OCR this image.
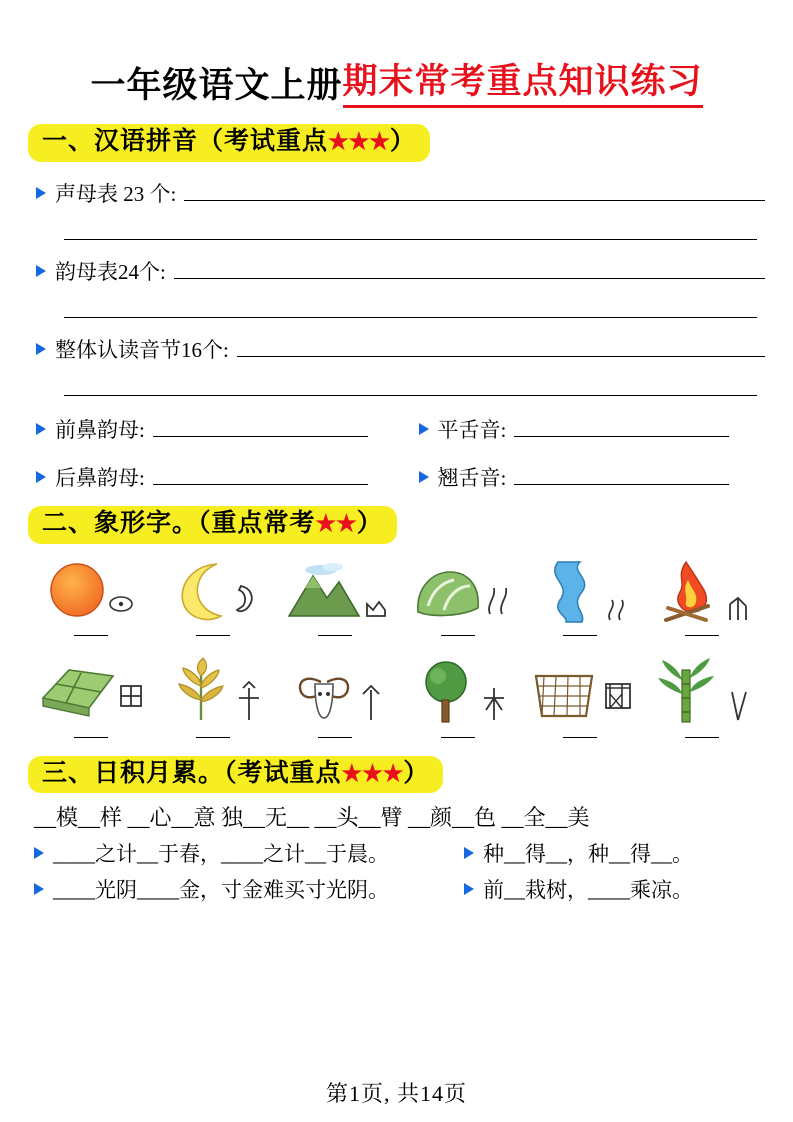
一年级语文上册 期末常考重点知识练习
一、汉语拼音（考试重点★★★）
声母表 23 个:
韵母表24个:
整体认读音节16个:
前鼻韵母:	平舌音:
后鼻韵母:	翘舌音:
二、象形字。（重点常考★★）
三、日积月累。（考试重点★★★）
__模__样 __心__意 独__无__ __头__臂 __颜__色 __全__美
____之计__于春，____之计__于晨。	种__得__，种__得__。
____光阴____金，寸金难买寸光阴。	前__栽树，____乘凉。
第1页, 共14页
